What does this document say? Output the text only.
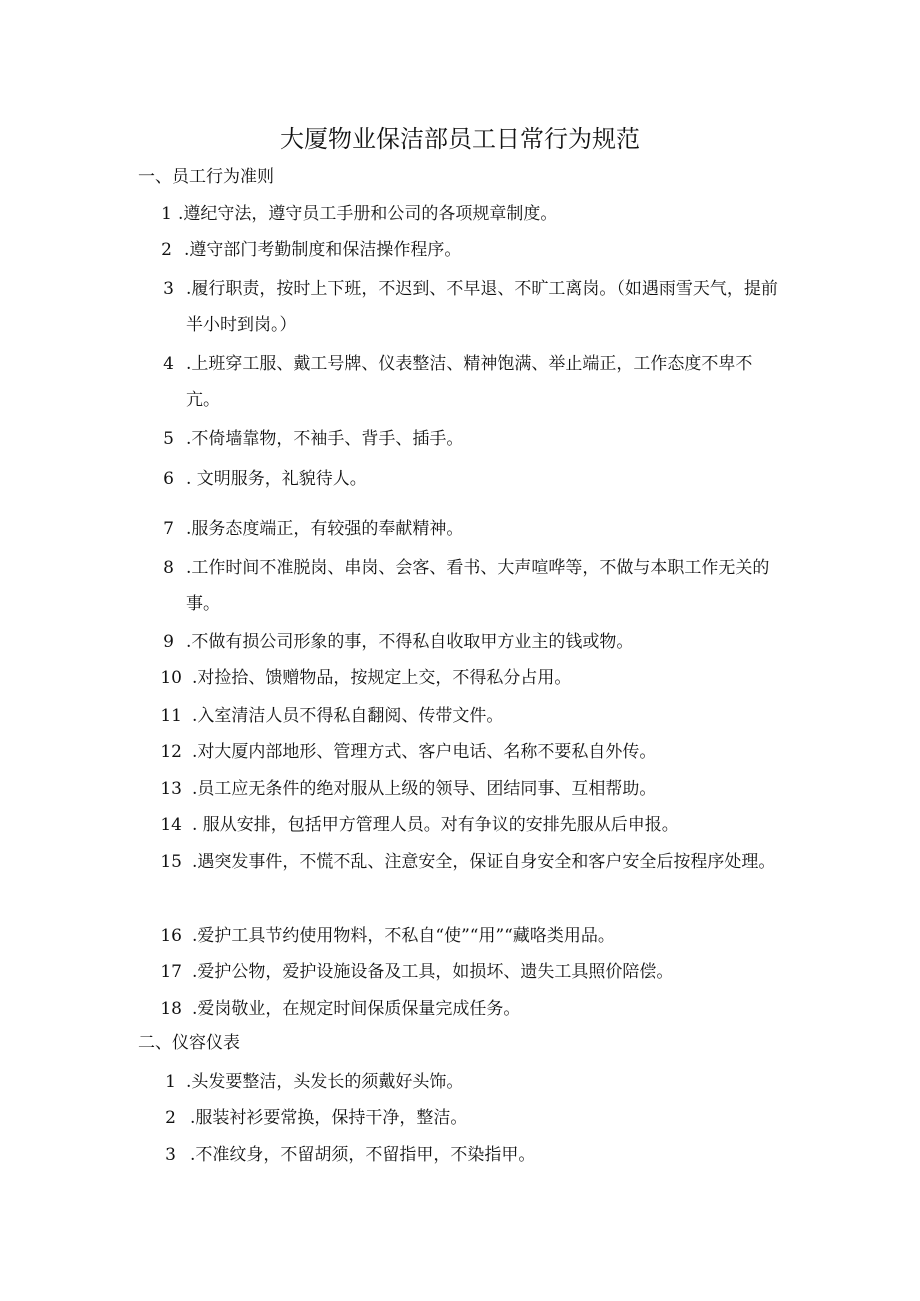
大厦物业保洁部员工日常行为规范
一、员工行为准则
1 .遵纪守法，遵守员工手册和公司的各项规章制度。
2 .遵守部门考勤制度和保洁操作程序。
3 .履行职责，按时上下班，不迟到、不早退、不旷工离岗。（如遇雨雪天气，提前半小时到岗。）
4 .上班穿工服、戴工号牌、仪表整洁、精神饱满、举止端正，工作态度不卑不亢。
5 .不倚墙靠物，不袖手、背手、插手。
6 . 文明服务，礼貌待人。
7 .服务态度端正，有较强的奉献精神。
8 .工作时间不准脱岗、串岗、会客、看书、大声喧哗等，不做与本职工作无关的事。
9 .不做有损公司形象的事，不得私自收取甲方业主的钱或物。
10 .对捡拾、馈赠物品，按规定上交，不得私分占用。
11 .入室清洁人员不得私自翻阅、传带文件。
12 .对大厦内部地形、管理方式、客户电话、名称不要私自外传。
13 .员工应无条件的绝对服从上级的领导、团结同事、互相帮助。
14 . 服从安排，包括甲方管理人员。对有争议的安排先服从后申报。
15 .遇突发事件，不慌不乱、注意安全，保证自身安全和客户安全后按程序处理。
16 .爱护工具节约使用物料，不私自“使”“用”“藏咯类用品。
17 .爱护公物，爱护设施设备及工具，如损坏、遗失工具照价陪偿。
18 .爱岗敬业，在规定时间保质保量完成任务。
二、仪容仪表
1 .头发要整洁，头发长的须戴好头饰。
2 .服装衬衫要常换，保持干净，整洁。
3 .不准纹身，不留胡须，不留指甲，不染指甲。
